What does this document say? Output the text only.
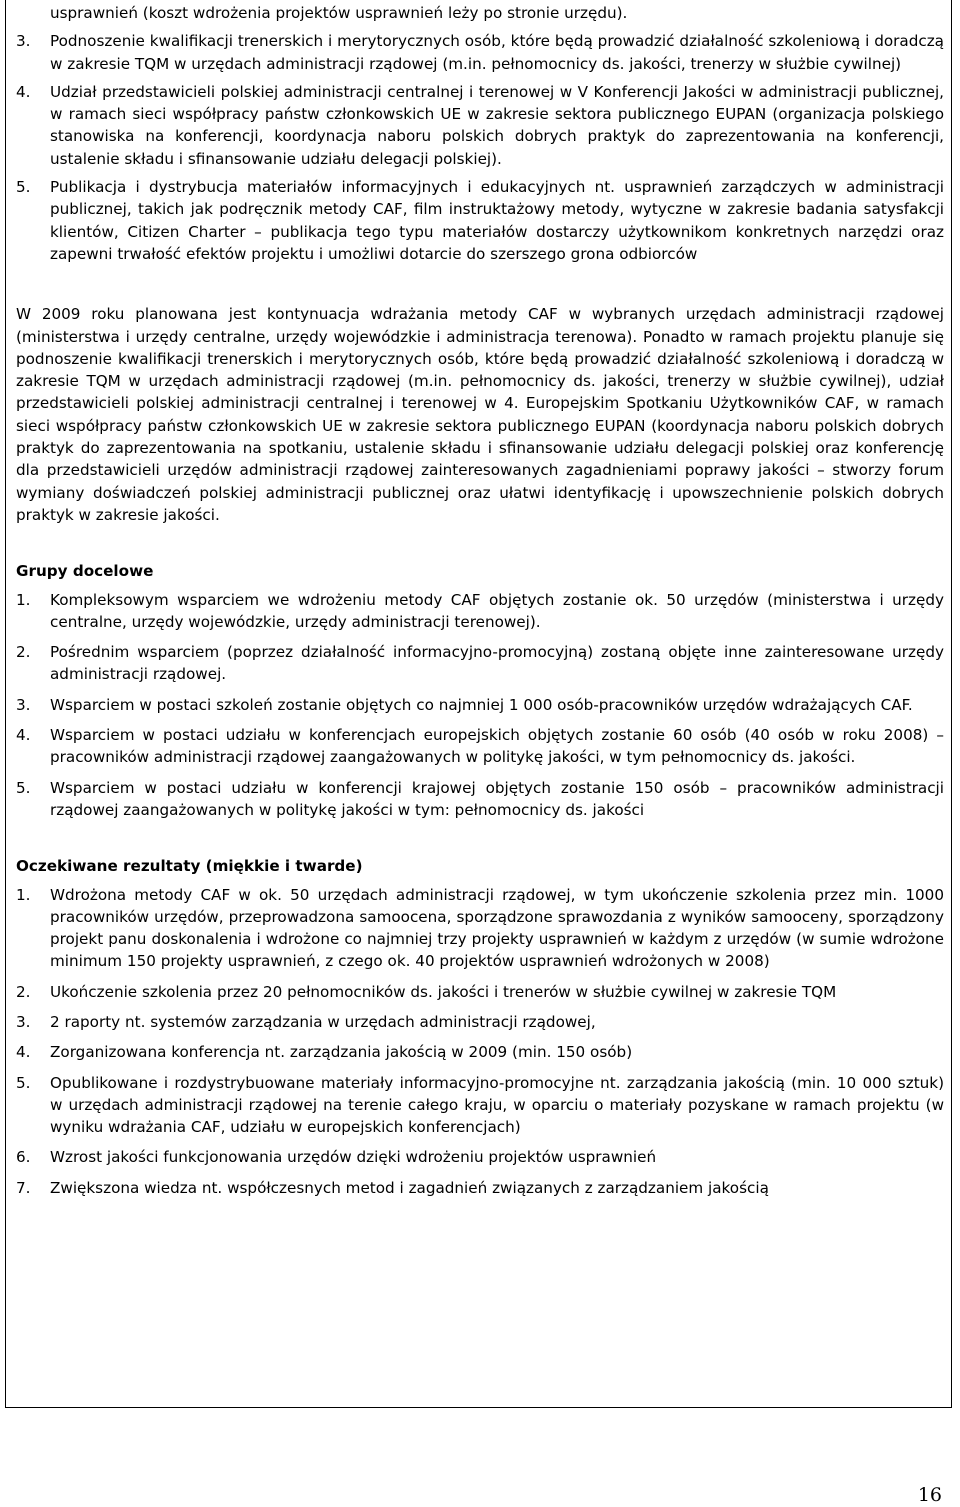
usprawnień (koszt wdrożenia projektów usprawnień leży po stronie urzędu).
3.	Podnoszenie kwalifikacji trenerskich i merytorycznych osób, które będą prowadzić działalność szkoleniową i doradczą w zakresie TQM w urzędach administracji rządowej (m.in. pełnomocnicy ds. jakości, trenerzy w służbie cywilnej)
4.	Udział przedstawicieli polskiej administracji centralnej i terenowej w V Konferencji Jakości w administracji publicznej, w ramach sieci współpracy państw członkowskich UE w zakresie sektora publicznego EUPAN (organizacja polskiego stanowiska na konferencji, koordynacja naboru polskich dobrych praktyk do zaprezentowania na konferencji, ustalenie składu i sfinansowanie udziału delegacji polskiej).
5.	Publikacja i dystrybucja materiałów informacyjnych i edukacyjnych nt. usprawnień zarządczych w administracji publicznej, takich jak podręcznik metody CAF, film instruktażowy metody, wytyczne w zakresie badania satysfakcji klientów, Citizen Charter – publikacja tego typu materiałów dostarczy użytkownikom konkretnych narzędzi oraz zapewni trwałość efektów projektu i umożliwi dotarcie do szerszego grona odbiorców

W 2009 roku planowana jest kontynuacja wdrażania metody CAF w wybranych urzędach administracji rządowej (ministerstwa i urzędy centralne, urzędy wojewódzkie i administracja terenowa). Ponadto w ramach projektu planuje się podnoszenie kwalifikacji trenerskich i merytorycznych osób, które będą prowadzić działalność szkoleniową i doradczą w zakresie TQM w urzędach administracji rządowej (m.in. pełnomocnicy ds. jakości, trenerzy w służbie cywilnej), udział przedstawicieli polskiej administracji centralnej i terenowej w 4. Europejskim Spotkaniu Użytkowników CAF, w ramach sieci współpracy państw członkowskich UE w zakresie sektora publicznego EUPAN (koordynacja naboru polskich dobrych praktyk do zaprezentowania na spotkaniu, ustalenie składu i sfinansowanie udziału delegacji polskiej oraz konferencję dla przedstawicieli urzędów administracji rządowej zainteresowanych zagadnieniami poprawy jakości – stworzy forum wymiany doświadczeń polskiej administracji publicznej oraz ułatwi identyfikację i upowszechnienie polskich dobrych praktyk w zakresie jakości.

Grupy docelowe

1.	Kompleksowym wsparciem we wdrożeniu metody CAF objętych zostanie ok. 50 urzędów (ministerstwa i urzędy centralne, urzędy wojewódzkie, urzędy administracji terenowej).
2.	Pośrednim wsparciem (poprzez działalność informacyjno-promocyjną) zostaną objęte inne zainteresowane urzędy administracji rządowej.
3.	Wsparciem w postaci szkoleń zostanie objętych co najmniej 1 000 osób-pracowników urzędów wdrażających CAF.
4.	Wsparciem w postaci udziału w konferencjach europejskich objętych zostanie 60 osób (40 osób w roku 2008) – pracowników administracji rządowej zaangażowanych w politykę jakości, w tym pełnomocnicy ds. jakości.
5.	Wsparciem w postaci udziału w konferencji krajowej objętych zostanie 150 osób – pracowników administracji rządowej zaangażowanych w politykę jakości w tym: pełnomocnicy ds. jakości

Oczekiwane rezultaty (miękkie i twarde)

1.	Wdrożona metody CAF w ok. 50 urzędach administracji rządowej, w tym ukończenie szkolenia przez min. 1000 pracowników urzędów, przeprowadzona samoocena, sporządzone sprawozdania z wyników samooceny, sporządzony projekt panu doskonalenia i wdrożone co najmniej trzy projekty usprawnień w każdym z urzędów (w sumie wdrożone minimum 150 projekty usprawnień, z czego ok. 40 projektów usprawnień wdrożonych w 2008)
2.	Ukończenie szkolenia przez 20 pełnomocników ds. jakości i trenerów w służbie cywilnej w zakresie TQM
3.	2 raporty nt. systemów zarządzania w urzędach administracji rządowej,
4.	Zorganizowana konferencja nt. zarządzania jakością w 2009 (min. 150 osób)
5.	Opublikowane i rozdystrybuowane materiały informacyjno-promocyjne nt. zarządzania jakością (min. 10 000 sztuk) w urzędach administracji rządowej na terenie całego kraju, w oparciu o materiały pozyskane w ramach projektu (w wyniku wdrażania CAF, udziału w europejskich konferencjach)
6.	Wzrost jakości funkcjonowania urzędów dzięki wdrożeniu projektów usprawnień
7.	Zwiększona wiedza nt. współczesnych metod i zagadnień związanych z zarządzaniem jakością
16
